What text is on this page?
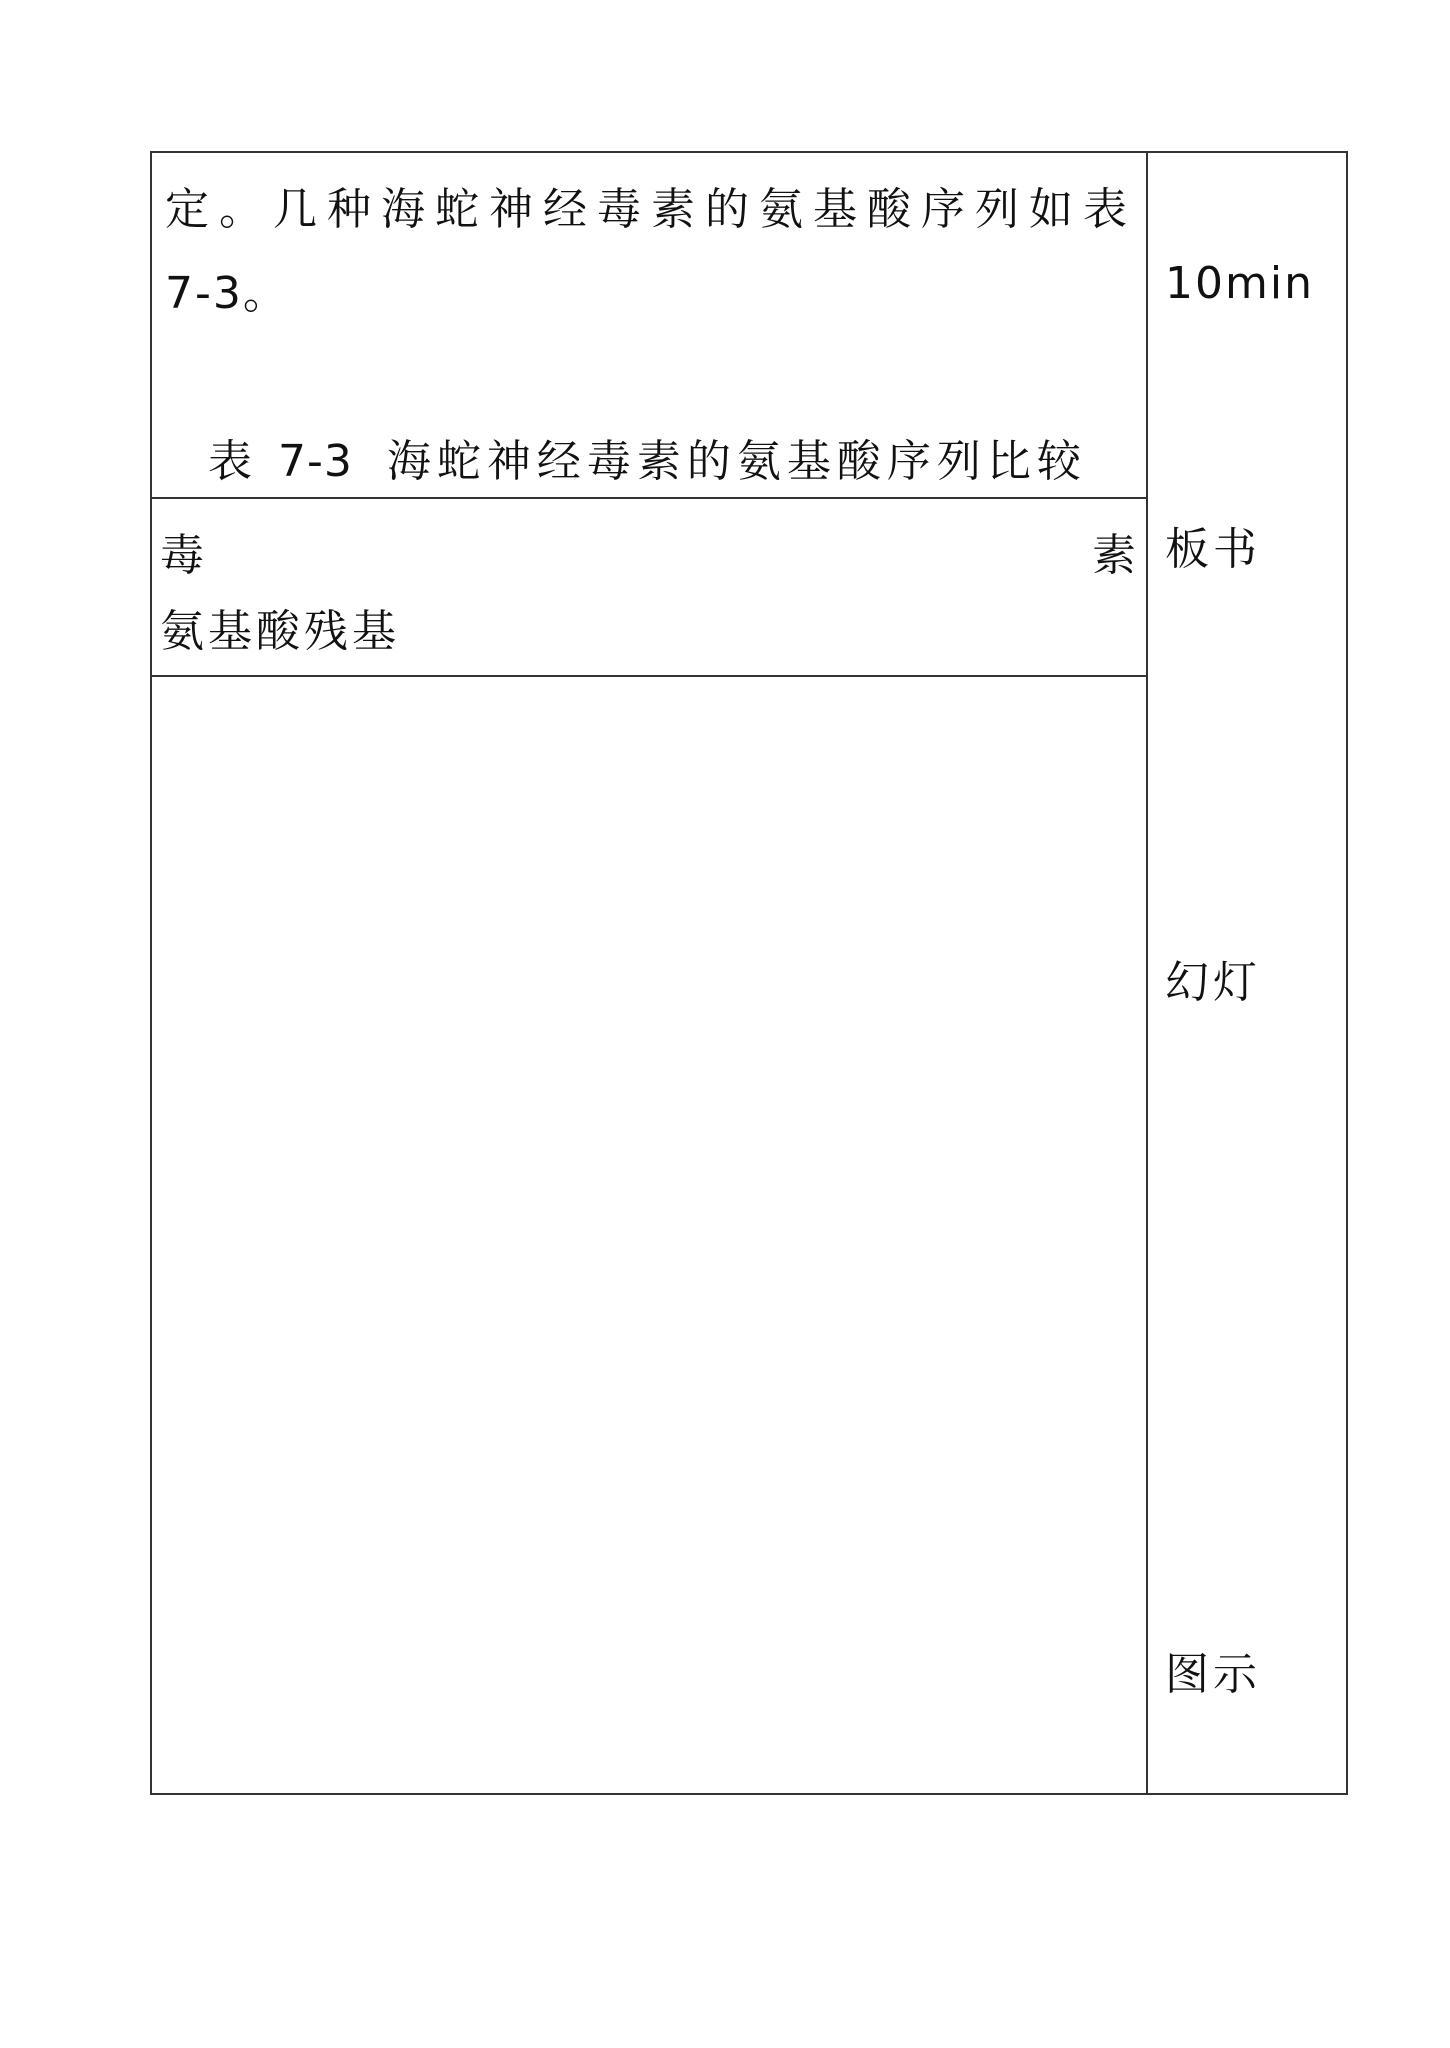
定。几种海蛇神经毒素的氨基酸序列如表
7-3。
表 7-3 海蛇神经毒素的氨基酸序列比较
毒	素
氨基酸残基
10min
板书
幻灯
图示
